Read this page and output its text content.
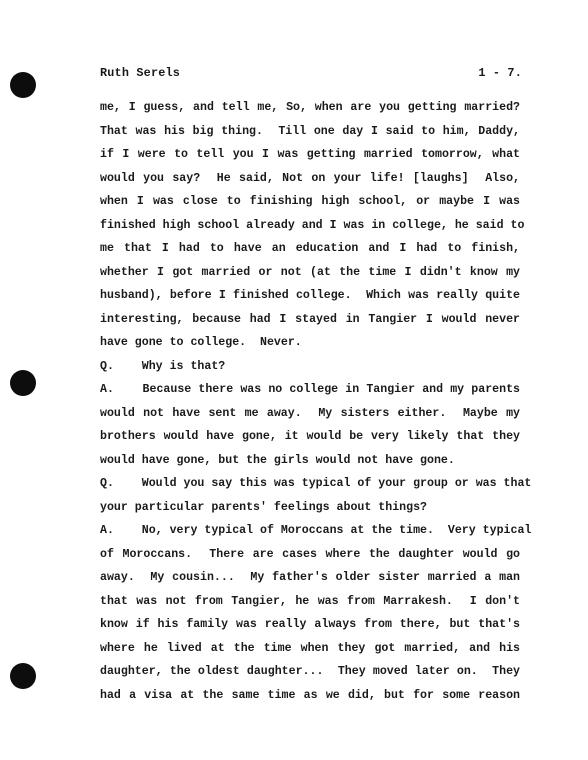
Ruth Serels	1 - 7.
me, I guess, and tell me, So, when are you getting married?
That was his big thing.  Till one day I said to him, Daddy,
if I were to tell you I was getting married tomorrow, what
would you say?  He said, Not on your life! [laughs]  Also,
when I was close to finishing high school, or maybe I was
finished high school already and I was in college, he said to
me that I had to have an education and I had to finish,
whether I got married or not (at the time I didn't know my
husband), before I finished college.  Which was really quite
interesting, because had I stayed in Tangier I would never
have gone to college.  Never.
Q.    Why is that?
A.    Because there was no college in Tangier and my parents
would not have sent me away.  My sisters either.  Maybe my
brothers would have gone, it would be very likely that they
would have gone, but the girls would not have gone.
Q.    Would you say this was typical of your group or was that
your particular parents' feelings about things?
A.    No, very typical of Moroccans at the time.  Very typical
of Moroccans.  There are cases where the daughter would go
away.  My cousin...  My father's older sister married a man
that was not from Tangier, he was from Marrakesh.  I don't
know if his family was really always from there, but that's
where he lived at the time when they got married, and his
daughter, the oldest daughter...  They moved later on.  They
had a visa at the same time as we did, but for some reason
